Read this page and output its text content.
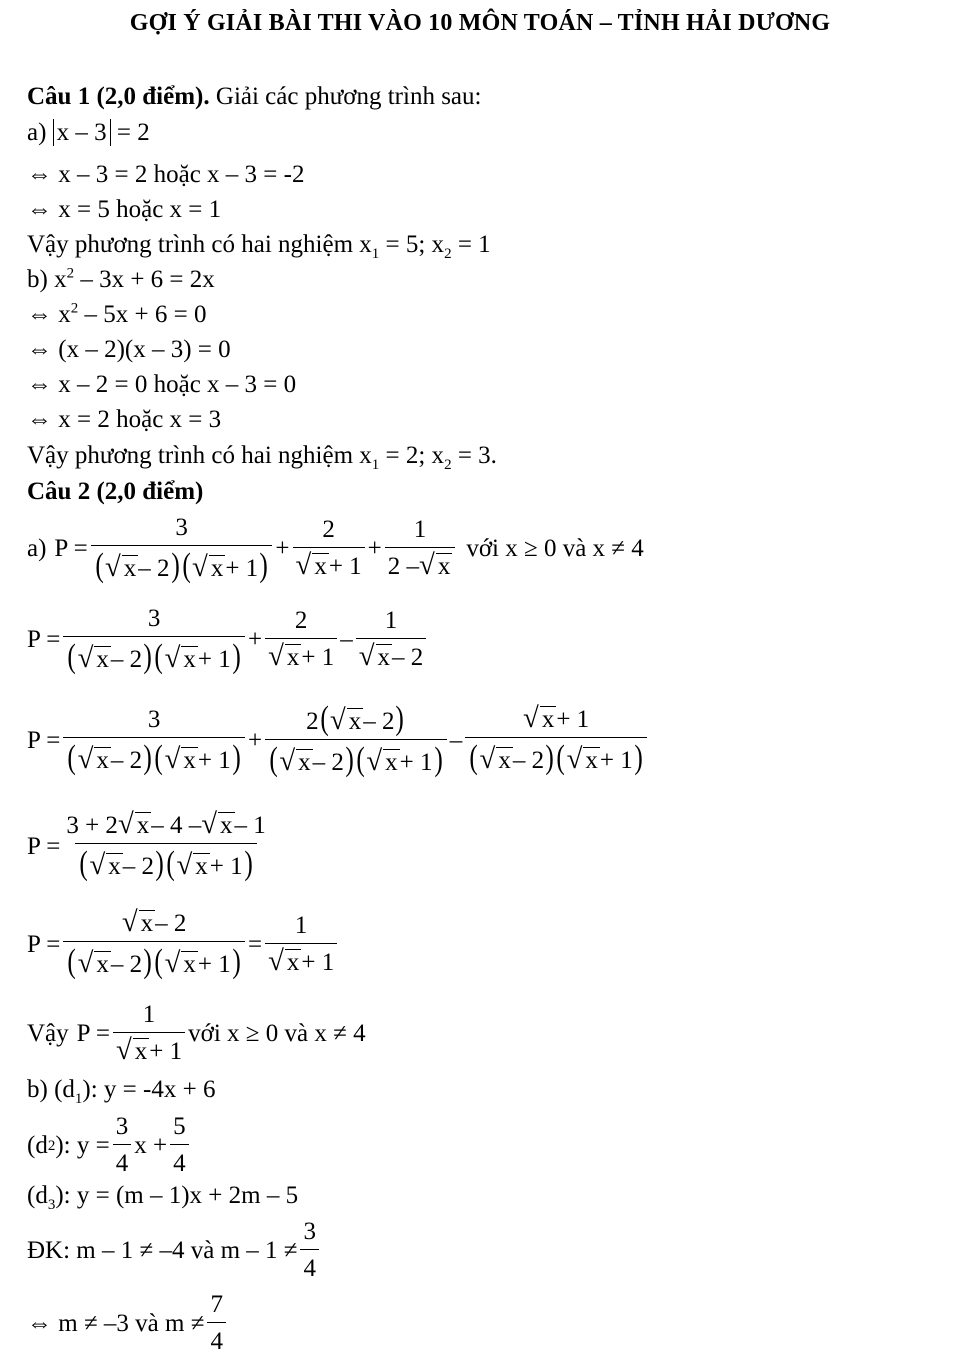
GỢI Ý GIẢI BÀI THI VÀO 10 MÔN TOÁN – TỈNH HẢI DƯƠNG
Câu 1 (2,0 điểm). Giải các phương trình sau:
a) x – 3 = 2
⇔ x – 3 = 2 hoặc x – 3 = -2
⇔ x = 5 hoặc x = 1
Vậy phương trình có hai nghiệm $x_1 = 5$; $x_2 = 1$
b) $x^2 - 3x + 6 = 2x$
⇔ $x^2 - 5x + 6 = 0$
⇔ (x – 2)(x – 3) = 0
⇔ x – 2 = 0 hoặc x – 3 = 0
⇔ x = 2 hoặc x = 3
Vậy phương trình có hai nghiệm $x_1 = 2$; $x_2 = 3$.
Câu 2 (2,0 điểm)
a) $P = \frac{3}{( √ x - 2)( √ x + 1)} + \frac{2}{√ x + 1} + \frac{1}{2 - √ x}$ với x ≥ 0 và x ≠ 4
$P = \frac{3}{( √ x - 2)( √ x + 1)} + \frac{2}{√ x + 1} - \frac{1}{√ x - 2}$
$P = \frac{3}{( √ x - 2)( √ x + 1)} + \frac{2( √ x - 2)}{( √ x - 2)( √ x + 1)} - \frac{√ x + 1}{( √ x - 2)( √ x + 1)}$
$P = \frac{3 + 2 √ x - 4 - √ x - 1}{( √ x - 2)( √ x + 1)}$
$P = \frac{√ x - 2}{( √ x - 2)( √ x + 1)} = \frac{1}{√ x + 1}$
Vậy $P = \frac{1}{√ x + 1}$ với x ≥ 0 và x ≠ 4
b) $(d_1)$: y = -4x + 6
(d 2 ): $y = \frac{3}{4}$ $x + \frac{5}{4}$
$(d_3)$: y = (m – 1)x + 2m – 5
ĐK: m – 1 ≠ –4 và $m - 1 \ne \frac{3}{4}$
⇔ m ≠ –3 và $m \ne \frac{7}{4}$
